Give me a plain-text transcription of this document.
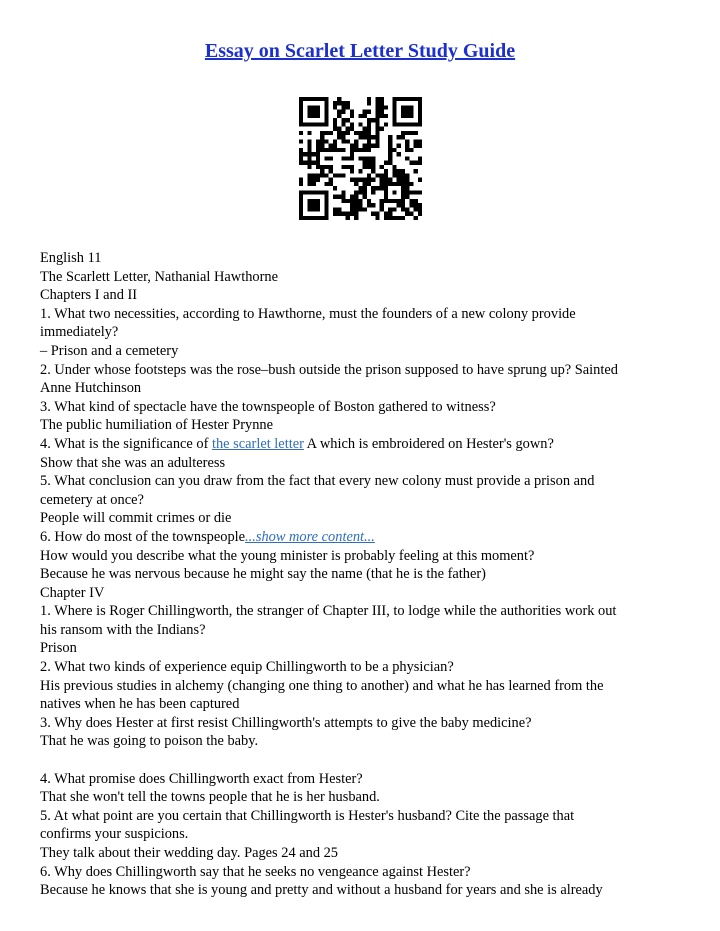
Essay on Scarlet Letter Study Guide
English 11
The Scarlett Letter, Nathanial Hawthorne
Chapters I and II
1. What two necessities, according to Hawthorne, must the founders of a new colony provide
immediately?
– Prison and a cemetery
2. Under whose footsteps was the rose–bush outside the prison supposed to have sprung up? Sainted
Anne Hutchinson
3. What kind of spectacle have the townspeople of Boston gathered to witness?
The public humiliation of Hester Prynne
4. What is the significance of the scarlet letter A which is embroidered on Hester's gown?
Show that she was an adulteress
5. What conclusion can you draw from the fact that every new colony must provide a prison and
cemetery at once?
People will commit crimes or die
6. How do most of the townspeople...show more content...
How would you describe what the young minister is probably feeling at this moment?
Because he was nervous because he might say the name (that he is the father)
Chapter IV
1. Where is Roger Chillingworth, the stranger of Chapter III, to lodge while the authorities work out
his ransom with the Indians?
Prison
2. What two kinds of experience equip Chillingworth to be a physician?
His previous studies in alchemy (changing one thing to another) and what he has learned from the
natives when he has been captured
3. Why does Hester at first resist Chillingworth's attempts to give the baby medicine?
That he was going to poison the baby.
4. What promise does Chillingworth exact from Hester?
That she won't tell the towns people that he is her husband.
5. At what point are you certain that Chillingworth is Hester's husband? Cite the passage that
confirms your suspicions.
They talk about their wedding day. Pages 24 and 25
6. Why does Chillingworth say that he seeks no vengeance against Hester?
Because he knows that she is young and pretty and without a husband for years and she is already
